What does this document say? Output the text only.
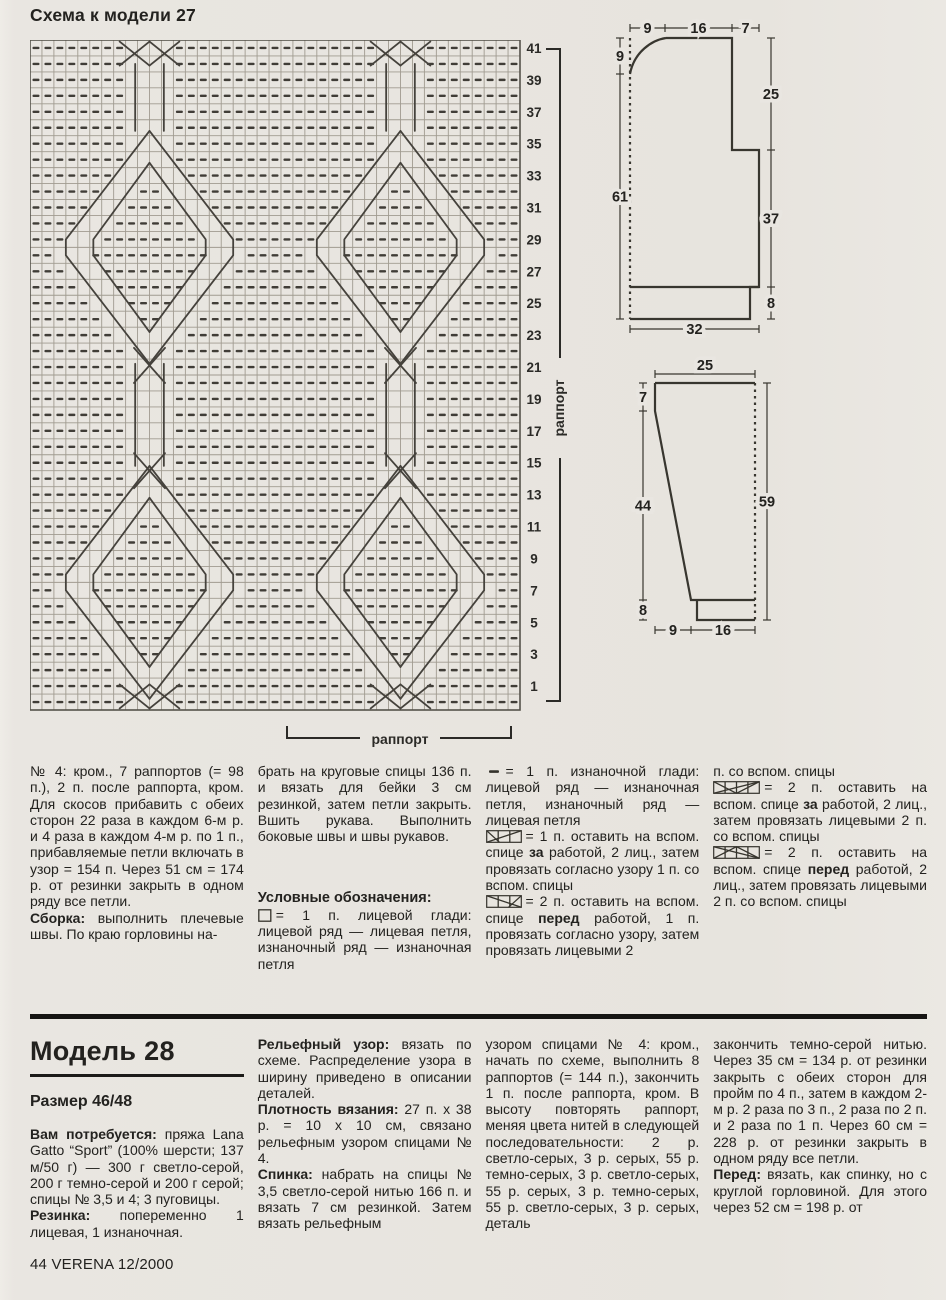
Схема к модели 27
41
39
37
35
33
31
29
27
25
23
21
19
17
15
13
11
9
7
5
3
1
раппорт
раппорт
9	16 7
9
61
25
37
8
32
25
7
44
8
59
9	16

№ 4: кром., 7 раппортов (= 98 п.), 2 п. после раппорта, кром. Для скосов прибавить с обеих сторон 22 раза в каждом 6-м р. и 4 раза в каждом 4-м р. по 1 п., прибавляемые петли включать в узор = 154 п. Через 51 см = 174 р. от резинки закрыть в одном ряду все петли.

Сборка: выполнить плечевые швы. По краю горловины на-

брать на круговые спицы 136 п. и вязать для бейки 3 см резинкой, затем петли закрыть. Вшить рукава. Выполнить боковые швы и швы рукавов.

Условные обозначения:

= 1 п. лицевой глади: лицевой ряд — лицевая петля, изнаночный ряд — изнаночная петля

= 1 п. изнаночной глади: лицевой ряд — изнаночная петля, изнаночный ряд — лицевая петля

= 1 п. оставить на вспом. спице за работой, 2 лиц., затем провязать согласно узору 1 п. со вспом. спицы

= 2 п. оставить на вспом. спице перед работой, 1 п. провязать согласно узору, затем провязать лицевыми 2

п. со вспом. спицы

= 2 п. оставить на вспом. спице за работой, 2 лиц., затем провязать лицевыми 2 п. со вспом. спицы

= 2 п. оставить на вспом. спице перед работой, 2 лиц., затем провязать лицевыми 2 п. со вспом. спицы

Модель 28
Размер 46/48

Вам потребуется: пряжа Lana Gatto “Sport” (100% шерсти; 137 м/50 г) — 300 г светло-серой, 200 г темно-серой и 200 г серой; спицы № 3,5 и 4; 3 пуговицы.

Резинка: попеременно 1 лицевая, 1 изнаночная.

Рельефный узор: вязать по схеме. Распределение узора в ширину приведено в описании деталей.

Плотность вязания: 27 п. x 38 р. = 10 x 10 см, связано рельефным узором спицами № 4.

Спинка: набрать на спицы № 3,5 светло-серой нитью 166 п. и вязать 7 см резинкой. Затем вязать рельефным

узором спицами № 4: кром., начать по схеме, выполнить 8 раппортов (= 144 п.), закончить 1 п. после раппорта, кром. В высоту повторять раппорт, меняя цвета нитей в следующей последовательности: 2 р. светло-серых, 3 р. серых, 55 р. темно-серых, 3 р. светло-серых, 55 р. серых, 3 р. темно-серых, 55 р. светло-серых, 3 р. серых, деталь

закончить темно-серой нитью. Через 35 см = 134 р. от резинки закрыть с обеих сторон для пройм по 4 п., затем в каждом 2-м р. 2 раза по 3 п., 2 раза по 2 п. и 2 раза по 1 п. Через 60 см = 228 р. от резинки закрыть в одном ряду все петли.

Перед: вязать, как спинку, но с круглой горловиной. Для этого через 52 см = 198 р. от

44 VERENA 12/2000
